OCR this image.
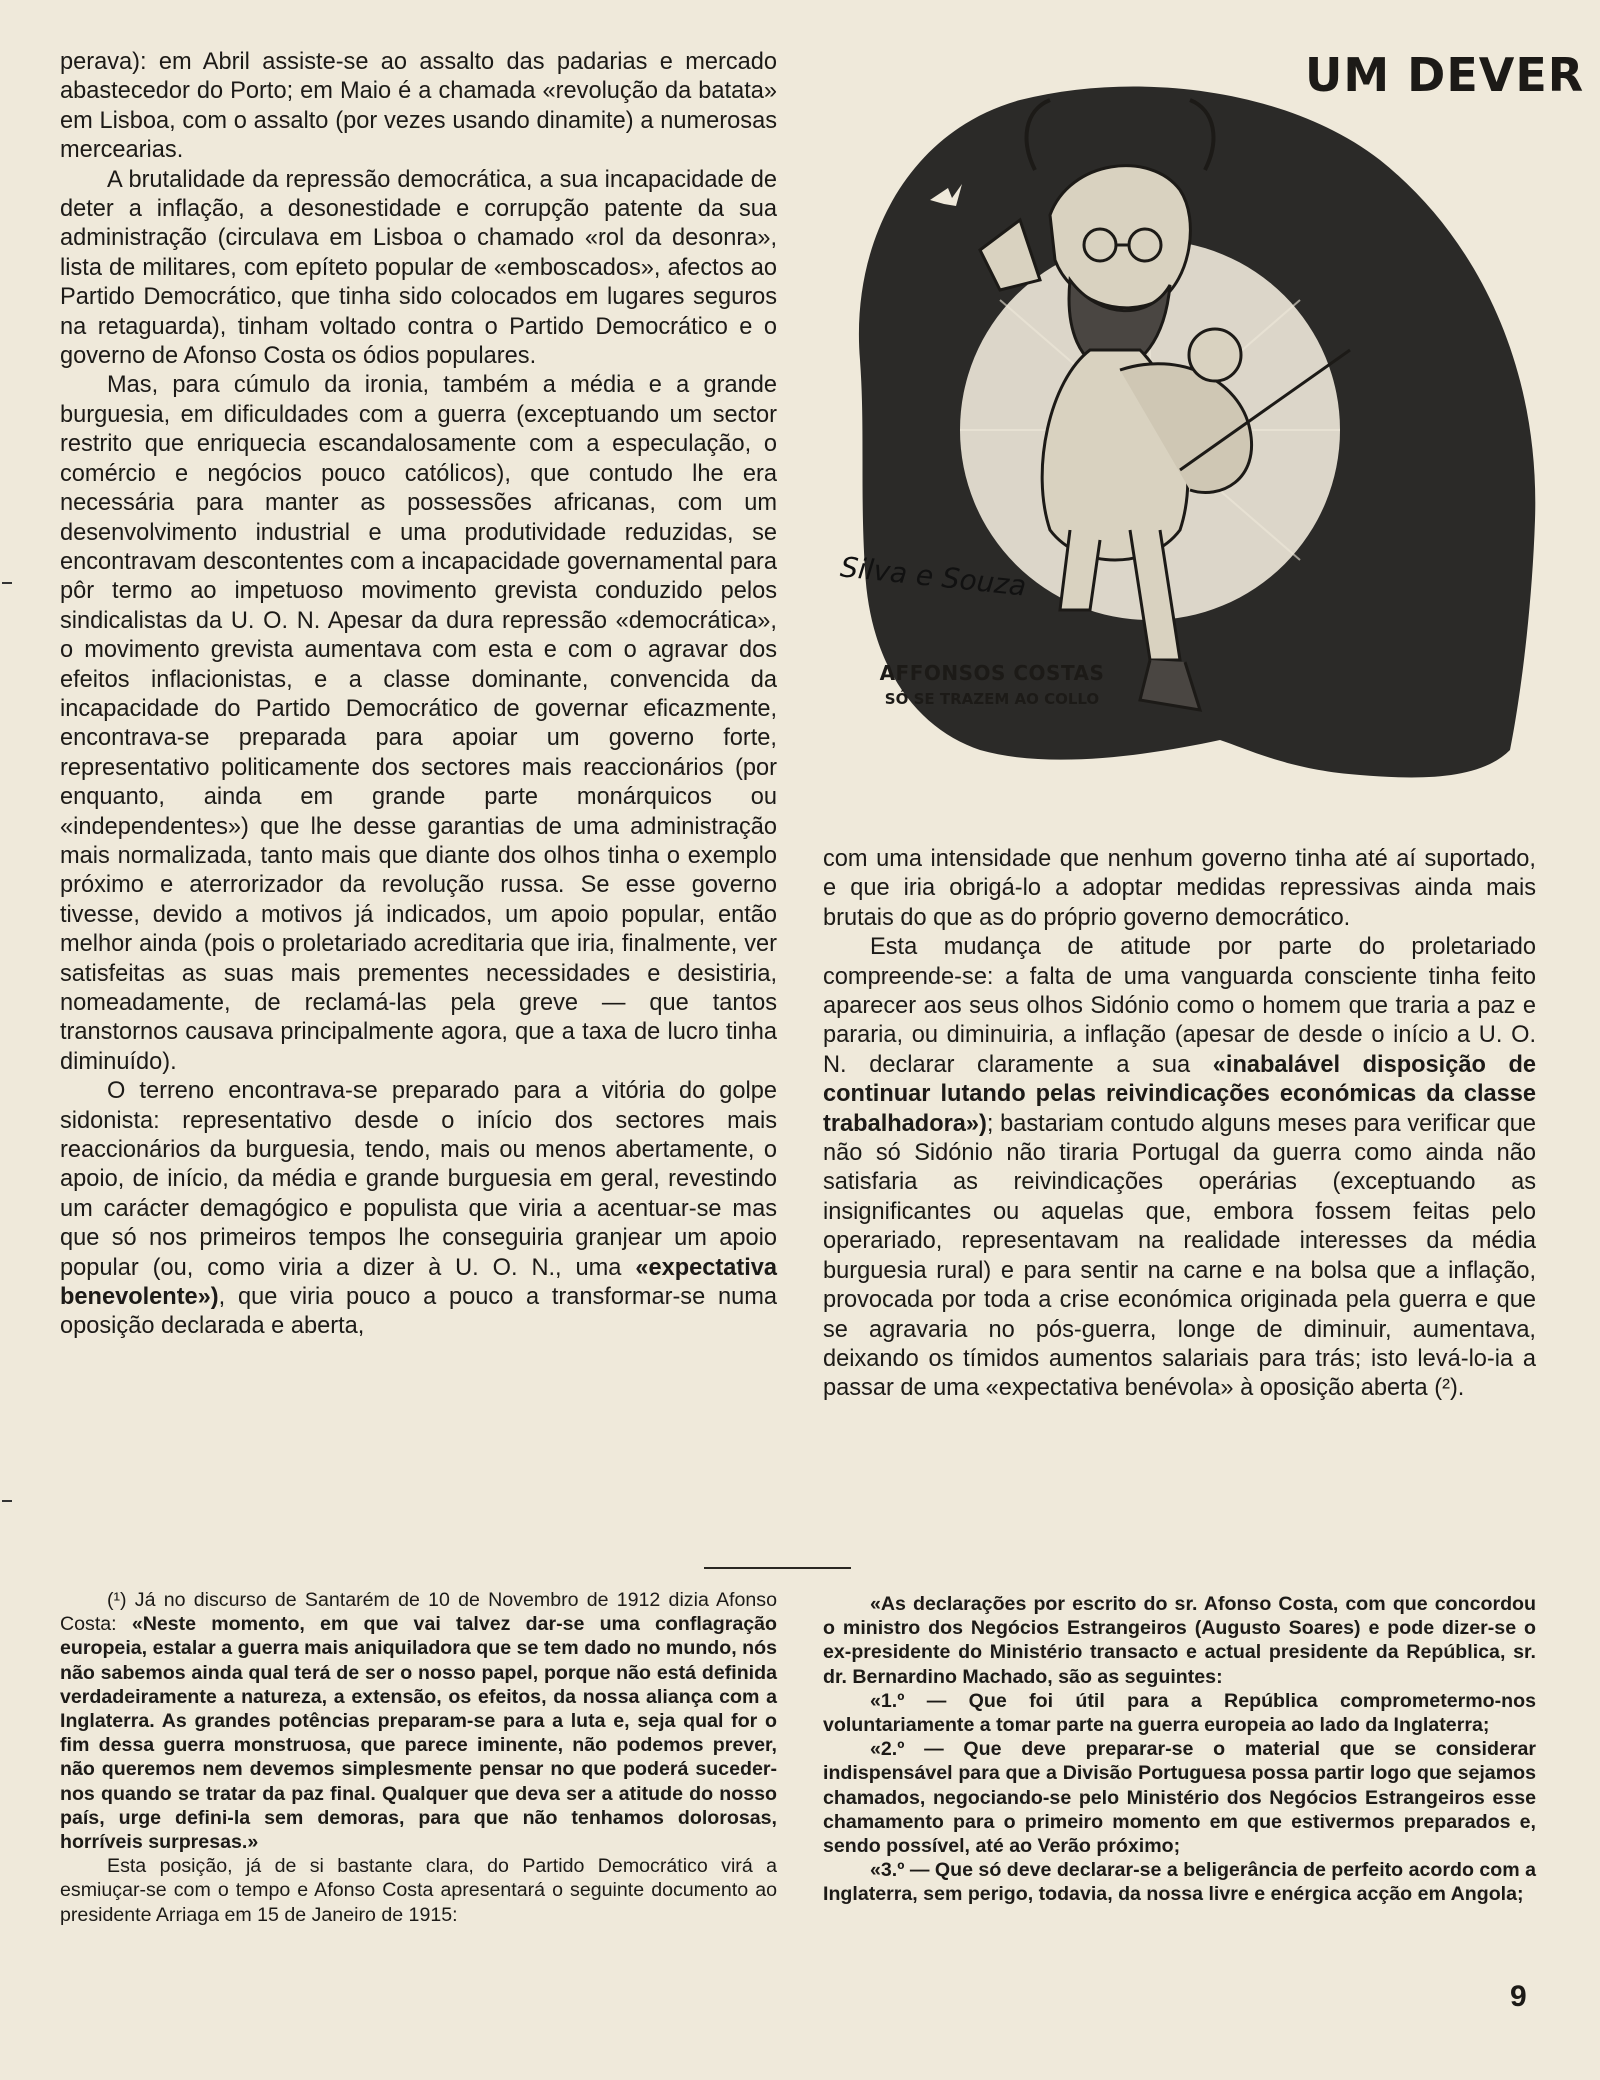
perava): em Abril assiste-se ao assalto das padarias e mercado abastecedor do Porto; em Maio é a chamada «revolução da batata» em Lisboa, com o assalto (por vezes usando dinamite) a numerosas mercearias.

A brutalidade da repressão democrática, a sua incapacidade de deter a inflação, a desonestidade e corrupção patente da sua administração (circulava em Lisboa o chamado «rol da desonra», lista de militares, com epíteto popular de «emboscados», afectos ao Partido Democrático, que tinha sido colocados em lugares seguros na retaguarda), tinham voltado contra o Partido Democrático e o governo de Afonso Costa os ódios populares.

Mas, para cúmulo da ironia, também a média e a grande burguesia, em dificuldades com a guerra (exceptuando um sector restrito que enriquecia escandalosamente com a especulação, o comércio e negócios pouco católicos), que contudo lhe era necessária para manter as possessões africanas, com um desenvolvimento industrial e uma produtividade reduzidas, se encontravam descontentes com a incapacidade governamental para pôr termo ao impetuoso movimento grevista conduzido pelos sindicalistas da U. O. N. Apesar da dura repressão «democrática», o movimento grevista aumentava com esta e com o agravar dos efeitos inflacionistas, e a classe dominante, convencida da incapacidade do Partido Democrático de governar eficazmente, encontrava-se preparada para apoiar um governo forte, representativo politicamente dos sectores mais reaccionários (por enquanto, ainda em grande parte monárquicos ou «independentes») que lhe desse garantias de uma administração mais normalizada, tanto mais que diante dos olhos tinha o exemplo próximo e aterrorizador da revolução russa. Se esse governo tivesse, devido a motivos já indicados, um apoio popular, então melhor ainda (pois o proletariado acreditaria que iria, finalmente, ver satisfeitas as suas mais prementes necessidades e desistiria, nomeadamente, de reclamá-las pela greve — que tantos transtornos causava principalmente agora, que a taxa de lucro tinha diminuído).

O terreno encontrava-se preparado para a vitória do golpe sidonista: representativo desde o início dos sectores mais reaccionários da burguesia, tendo, mais ou menos abertamente, o apoio, de início, da média e grande burguesia em geral, revestindo um carácter demagógico e populista que viria a acentuar-se mas que só nos primeiros tempos lhe conseguiria granjear um apoio popular (ou, como viria a dizer à U. O. N., uma «expectativa benevolente»), que viria pouco a pouco a transformar-se numa oposição declarada e aberta,

UM DEVER
Silva e Souza
AFFONSOS COSTAS
SÓ SE TRAZEM AO COLLO

com uma intensidade que nenhum governo tinha até aí suportado, e que iria obrigá-lo a adoptar medidas repressivas ainda mais brutais do que as do próprio governo democrático.

Esta mudança de atitude por parte do proletariado compreende-se: a falta de uma vanguarda consciente tinha feito aparecer aos seus olhos Sidónio como o homem que traria a paz e pararia, ou diminuiria, a inflação (apesar de desde o início a U. O. N. declarar claramente a sua «inabalável disposição de continuar lutando pelas reivindicações económicas da classe trabalhadora»); bastariam contudo alguns meses para verificar que não só Sidónio não tiraria Portugal da guerra como ainda não satisfaria as reivindicações operárias (exceptuando as insignificantes ou aquelas que, embora fossem feitas pelo operariado, representavam na realidade interesses da média burguesia rural) e para sentir na carne e na bolsa que a inflação, provocada por toda a crise económica originada pela guerra e que se agravaria no pós-guerra, longe de diminuir, aumentava, deixando os tímidos aumentos salariais para trás; isto levá-lo-ia a passar de uma «expectativa benévola» à oposição aberta (²).

(¹) Já no discurso de Santarém de 10 de Novembro de 1912 dizia Afonso Costa: «Neste momento, em que vai talvez dar-se uma conflagração europeia, estalar a guerra mais aniquiladora que se tem dado no mundo, nós não sabemos ainda qual terá de ser o nosso papel, porque não está definida verdadeiramente a natureza, a extensão, os efeitos, da nossa aliança com a Inglaterra. As grandes potências preparam-se para a luta e, seja qual for o fim dessa guerra monstruosa, que parece iminente, não podemos prever, não queremos nem devemos simplesmente pensar no que poderá suceder-nos quando se tratar da paz final. Qualquer que deva ser a atitude do nosso país, urge defini-la sem demoras, para que não tenhamos dolorosas, horríveis surpresas.»

Esta posição, já de si bastante clara, do Partido Democrático virá a esmiuçar-se com o tempo e Afonso Costa apresentará o seguinte documento ao presidente Arriaga em 15 de Janeiro de 1915:

«As declarações por escrito do sr. Afonso Costa, com que concordou o ministro dos Negócios Estrangeiros (Augusto Soares) e pode dizer-se o ex-presidente do Ministério transacto e actual presidente da República, sr. dr. Bernardino Machado, são as seguintes:

«1.º — Que foi útil para a República comprometermo-nos voluntariamente a tomar parte na guerra europeia ao lado da Inglaterra;

«2.º — Que deve preparar-se o material que se considerar indispensável para que a Divisão Portuguesa possa partir logo que sejamos chamados, negociando-se pelo Ministério dos Negócios Estrangeiros esse chamamento para o primeiro momento em que estivermos preparados e, sendo possível, até ao Verão próximo;

«3.º — Que só deve declarar-se a beligerância de perfeito acordo com a Inglaterra, sem perigo, todavia, da nossa livre e enérgica acção em Angola;

9
